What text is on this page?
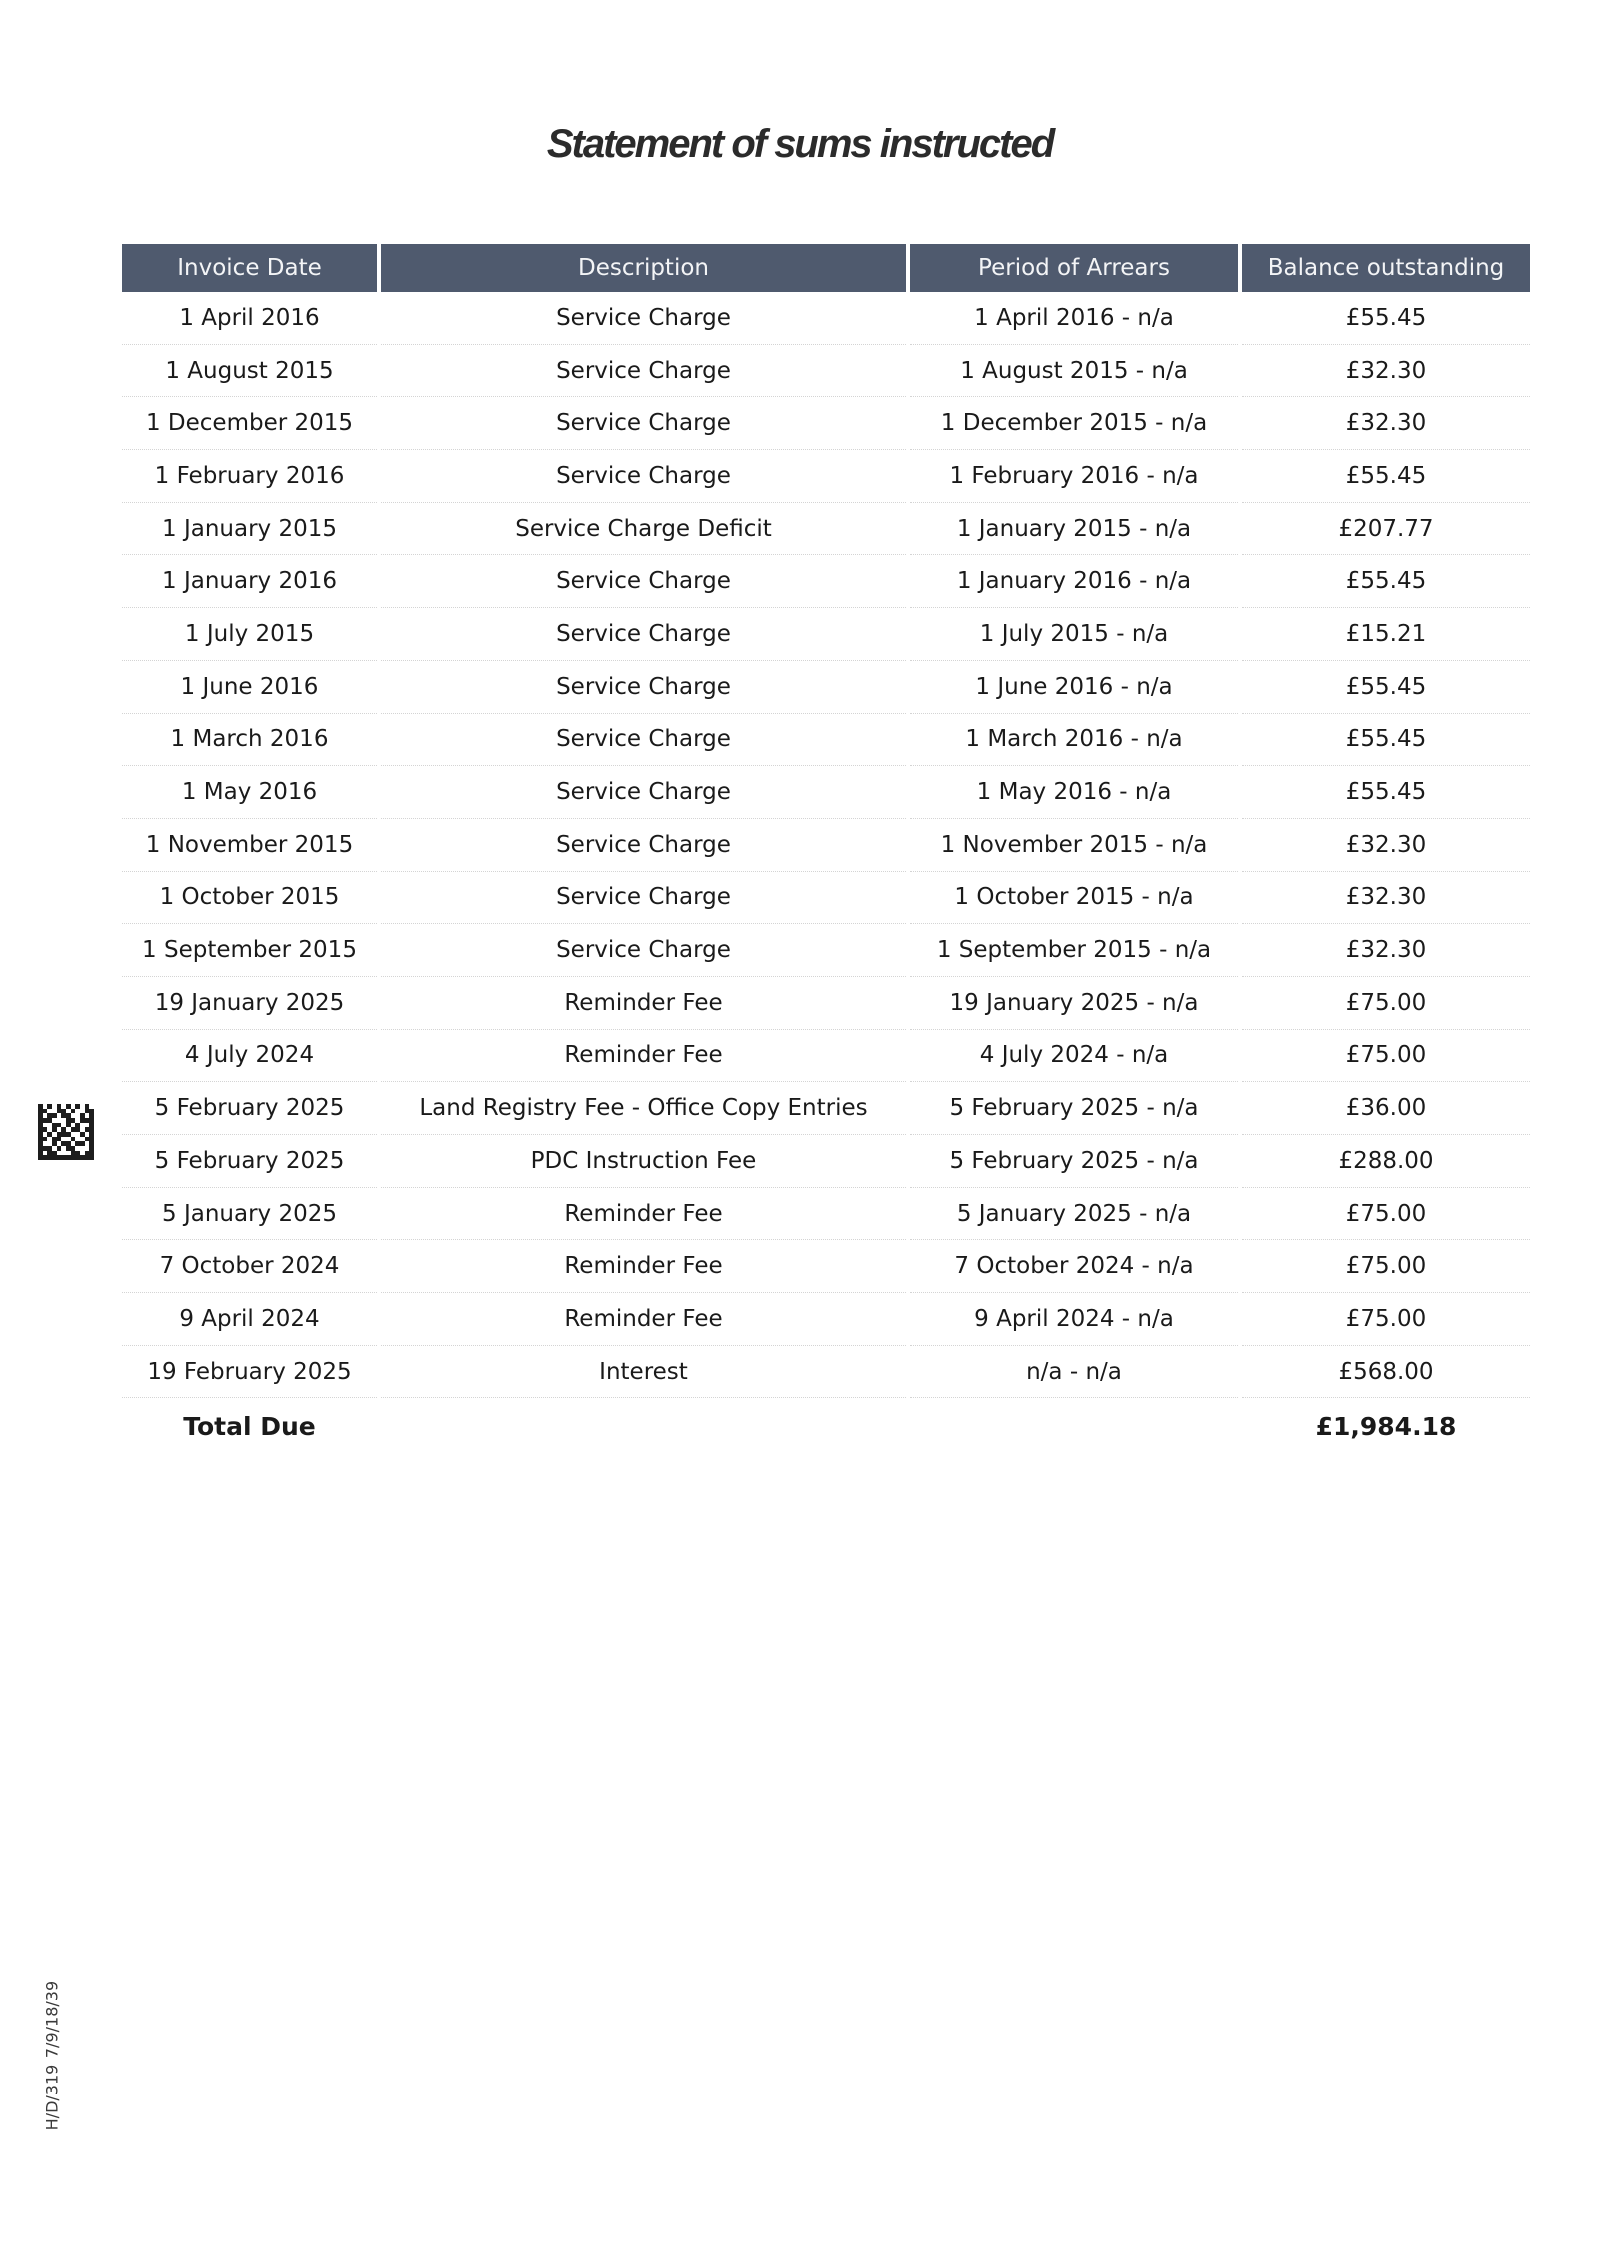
Statement of sums instructed
Invoice Date	Description	Period of Arrears	Balance outstanding
1 April 2016	Service Charge	1 April 2016 - n/a	£55.45
1 August 2015	Service Charge	1 August 2015 - n/a	£32.30
1 December 2015	Service Charge	1 December 2015 - n/a	£32.30
1 February 2016	Service Charge	1 February 2016 - n/a	£55.45
1 January 2015	Service Charge Deficit	1 January 2015 - n/a	£207.77
1 January 2016	Service Charge	1 January 2016 - n/a	£55.45
1 July 2015	Service Charge	1 July 2015 - n/a	£15.21
1 June 2016	Service Charge	1 June 2016 - n/a	£55.45
1 March 2016	Service Charge	1 March 2016 - n/a	£55.45
1 May 2016	Service Charge	1 May 2016 - n/a	£55.45
1 November 2015	Service Charge	1 November 2015 - n/a	£32.30
1 October 2015	Service Charge	1 October 2015 - n/a	£32.30
1 September 2015	Service Charge	1 September 2015 - n/a	£32.30
19 January 2025	Reminder Fee	19 January 2025 - n/a	£75.00
4 July 2024	Reminder Fee	4 July 2024 - n/a	£75.00
5 February 2025	Land Registry Fee - Office Copy Entries	5 February 2025 - n/a	£36.00
5 February 2025	PDC Instruction Fee	5 February 2025 - n/a	£288.00
5 January 2025	Reminder Fee	5 January 2025 - n/a	£75.00
7 October 2024	Reminder Fee	7 October 2024 - n/a	£75.00
9 April 2024	Reminder Fee	9 April 2024 - n/a	£75.00
19 February 2025	Interest	n/a - n/a	£568.00
Total Due			£1,984.18
H/D/319
7/9/18/39
